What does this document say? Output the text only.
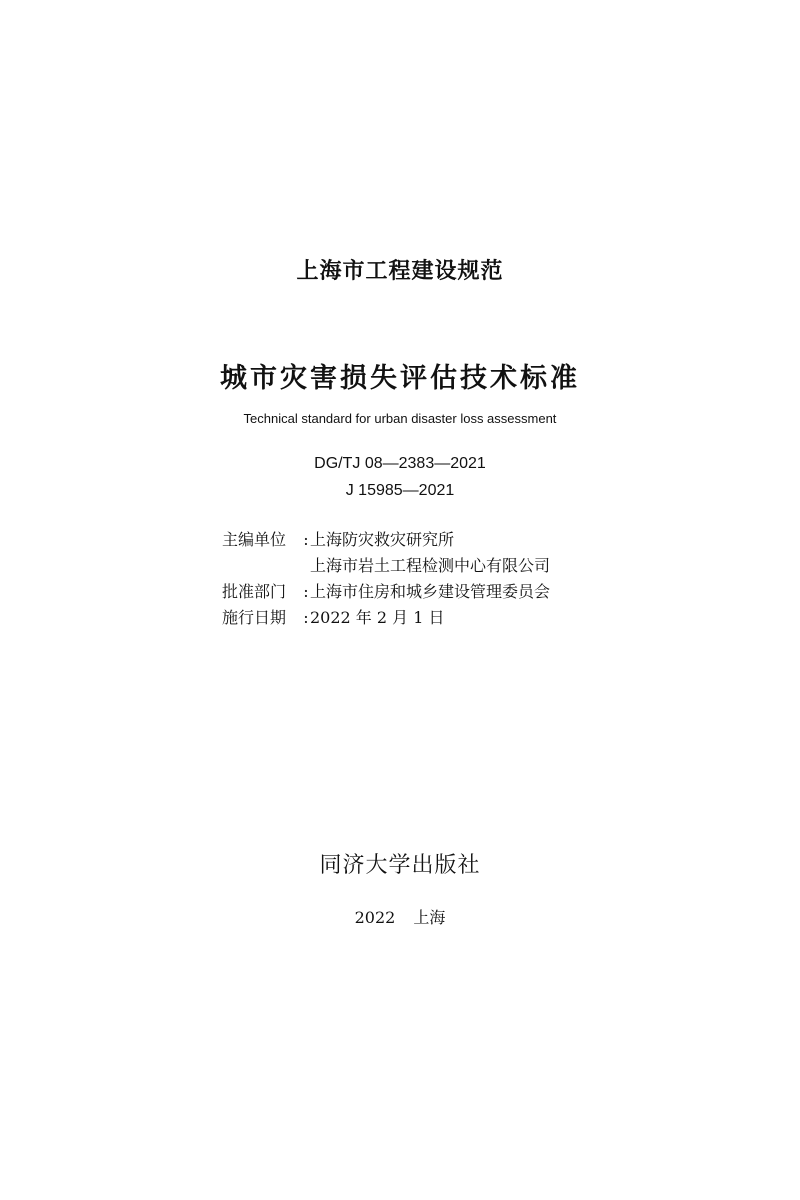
上海市工程建设规范
城市灾害损失评估技术标准
Technical standard for urban disaster loss assessment
DG/TJ 08—2383—2021
J 15985—2021
主编单位	: 上海防灾救灾研究所
上海市岩土工程检测中心有限公司
批准部门	: 上海市住房和城乡建设管理委员会
施行日期	: 2022 年 2 月 1 日
同济大学出版社
2022 上海
